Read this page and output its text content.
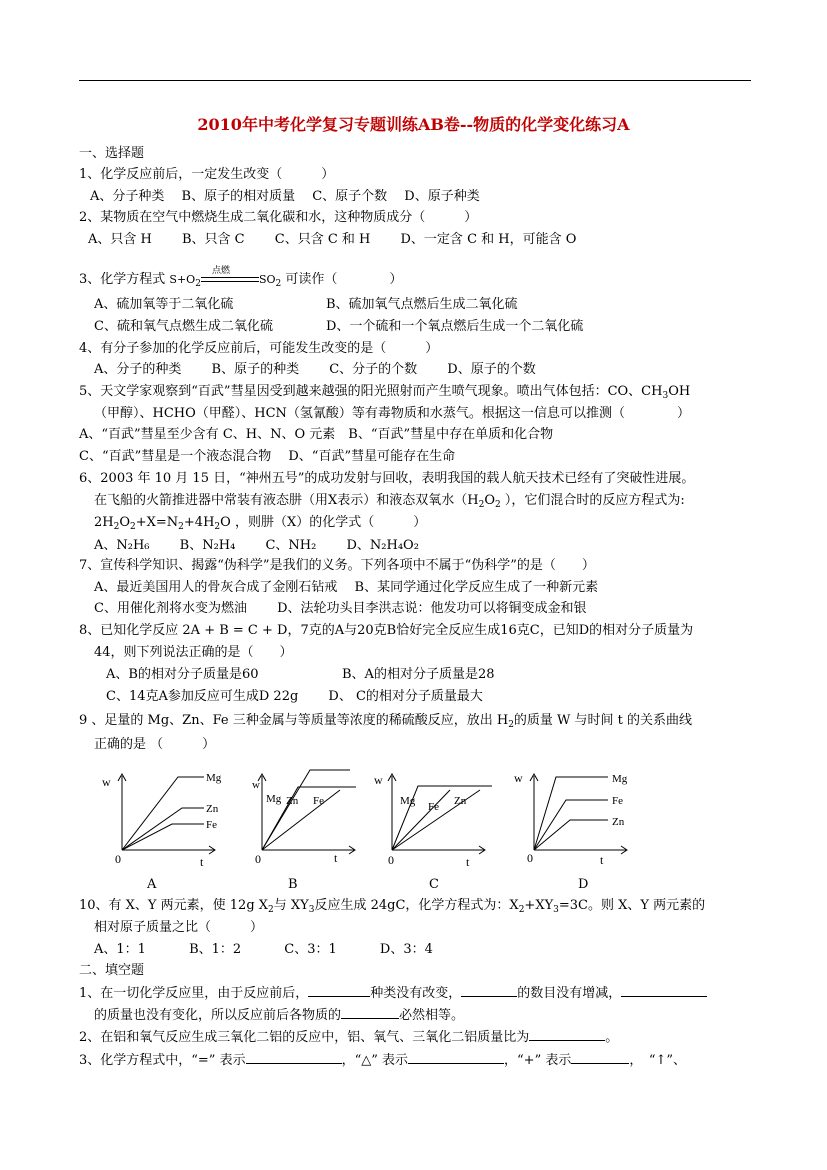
2010年中考化学复习专题训练AB卷--物质的化学变化练习A
一、选择题
1、化学反应前后，一定发生改变（　　　）
A、分子种类　 B、原子的相对质量　 C、原子个数　 D、原子种类
2、某物质在空气中燃烧生成二氧化碳和水，这种物质成分（　　　）
A、只含 H　　 B、只含 C　　 C、只含 C 和 H　　 D、一定含 C 和 H，可能含 O
3、化学方程式 $S+O_2$
点燃
$SO_2$ 可读作（　　　　）
A、硫加氧等于二氧化硫	B、硫加氧气点燃后生成二氧化硫
C、硫和氧气点燃生成二氧化硫	D、一个硫和一个氧点燃后生成一个二氧化硫
4、有分子参加的化学反应前后，可能发生改变的是（　　　）
A、分子的种类　　 B、原子的种类　　 C、分子的个数　　 D、原子的个数
5、天文学家观察到“百武”彗星因受到越来越强的阳光照射而产生喷气现象。喷出气体包括：CO、$CH_3OH$
（甲醇）、HCHO（甲醛）、HCN（氢氰酸）等有毒物质和水蒸气。根据这一信息可以推测（　　　　）
A、“百武”彗星至少含有 C、H、N、O 元素　B、“百武”彗星中存在单质和化合物
C、“百武”彗星是一个液态混合物　 D、“百武”彗星可能存在生命
6、2003 年 10 月 15 日，“神州五号”的成功发射与回收，表明我国的载人航天技术已经有了突破性进展。
在飞船的火箭推进器中常装有液态肼（用X表示）和液态双氧水（$H_2O_2$ ），它们混合时的反应方程式为:
$2H_2O_2+X=N_2+4H_2O$ ，则肼（X）的化学式（　　　）
A、N₂H₆　　 B、N₂H₄　　 C、NH₂　　 D、N₂H₄O₂
7、宣传科学知识、揭露“伪科学”是我们的义务。下列各项中不属于“伪科学”的是（　　）
A、最近美国用人的骨灰合成了金刚石钻戒　 B、某同学通过化学反应生成了一种新元素
C、用催化剂将水变为燃油　　 D、法轮功头目李洪志说：他发功可以将铜变成金和银
8、已知化学反应 2A + B = C + D，7克的A与20克B恰好完全反应生成16克C，已知D的相对分子质量为
44，则下列说法正确的是（　　）
A、B的相对分子质量是60	B、A的相对分子质量是28
C、14克A参加反应可生成D 22g　　 D、 C的相对分子质量最大
9 、足量的 Mg、Zn、Fe 三种金属与等质量等浓度的稀硫酸反应，放出 $H_2$的质量 W 与时间 t 的关系曲线
正确的是 （　　　）
w
0	t
Mg
Zn
Fe
A
w
0	t
Mg Zn Fe
B
w
0	t
Mg Fe Zn
C
w
0	t
Mg
Fe
Zn
D
10、有 X、Y 两元素，使 12g $X_2$与 $XY_3$反应生成 24gC，化学方程式为：$X_2+XY_3=3C$。则 X、Y 两元素的
相对原子质量之比（　　　）
A、1：1　　　 B、1：2　　　 C、3：1　　　 D、3：4
二、填空题
1、在一切化学反应里，由于反应前后，	种类没有改变，	的数目没有增减，
的质量也没有变化，所以反应前后各物质的	必然相等。
2、在铝和氧气反应生成三氧化二铝的反应中，铝、氧气、三氧化二铝质量比为	。
3、化学方程式中，“=” 表示	，“△” 表示	，“+” 表示	，　“↑”、
